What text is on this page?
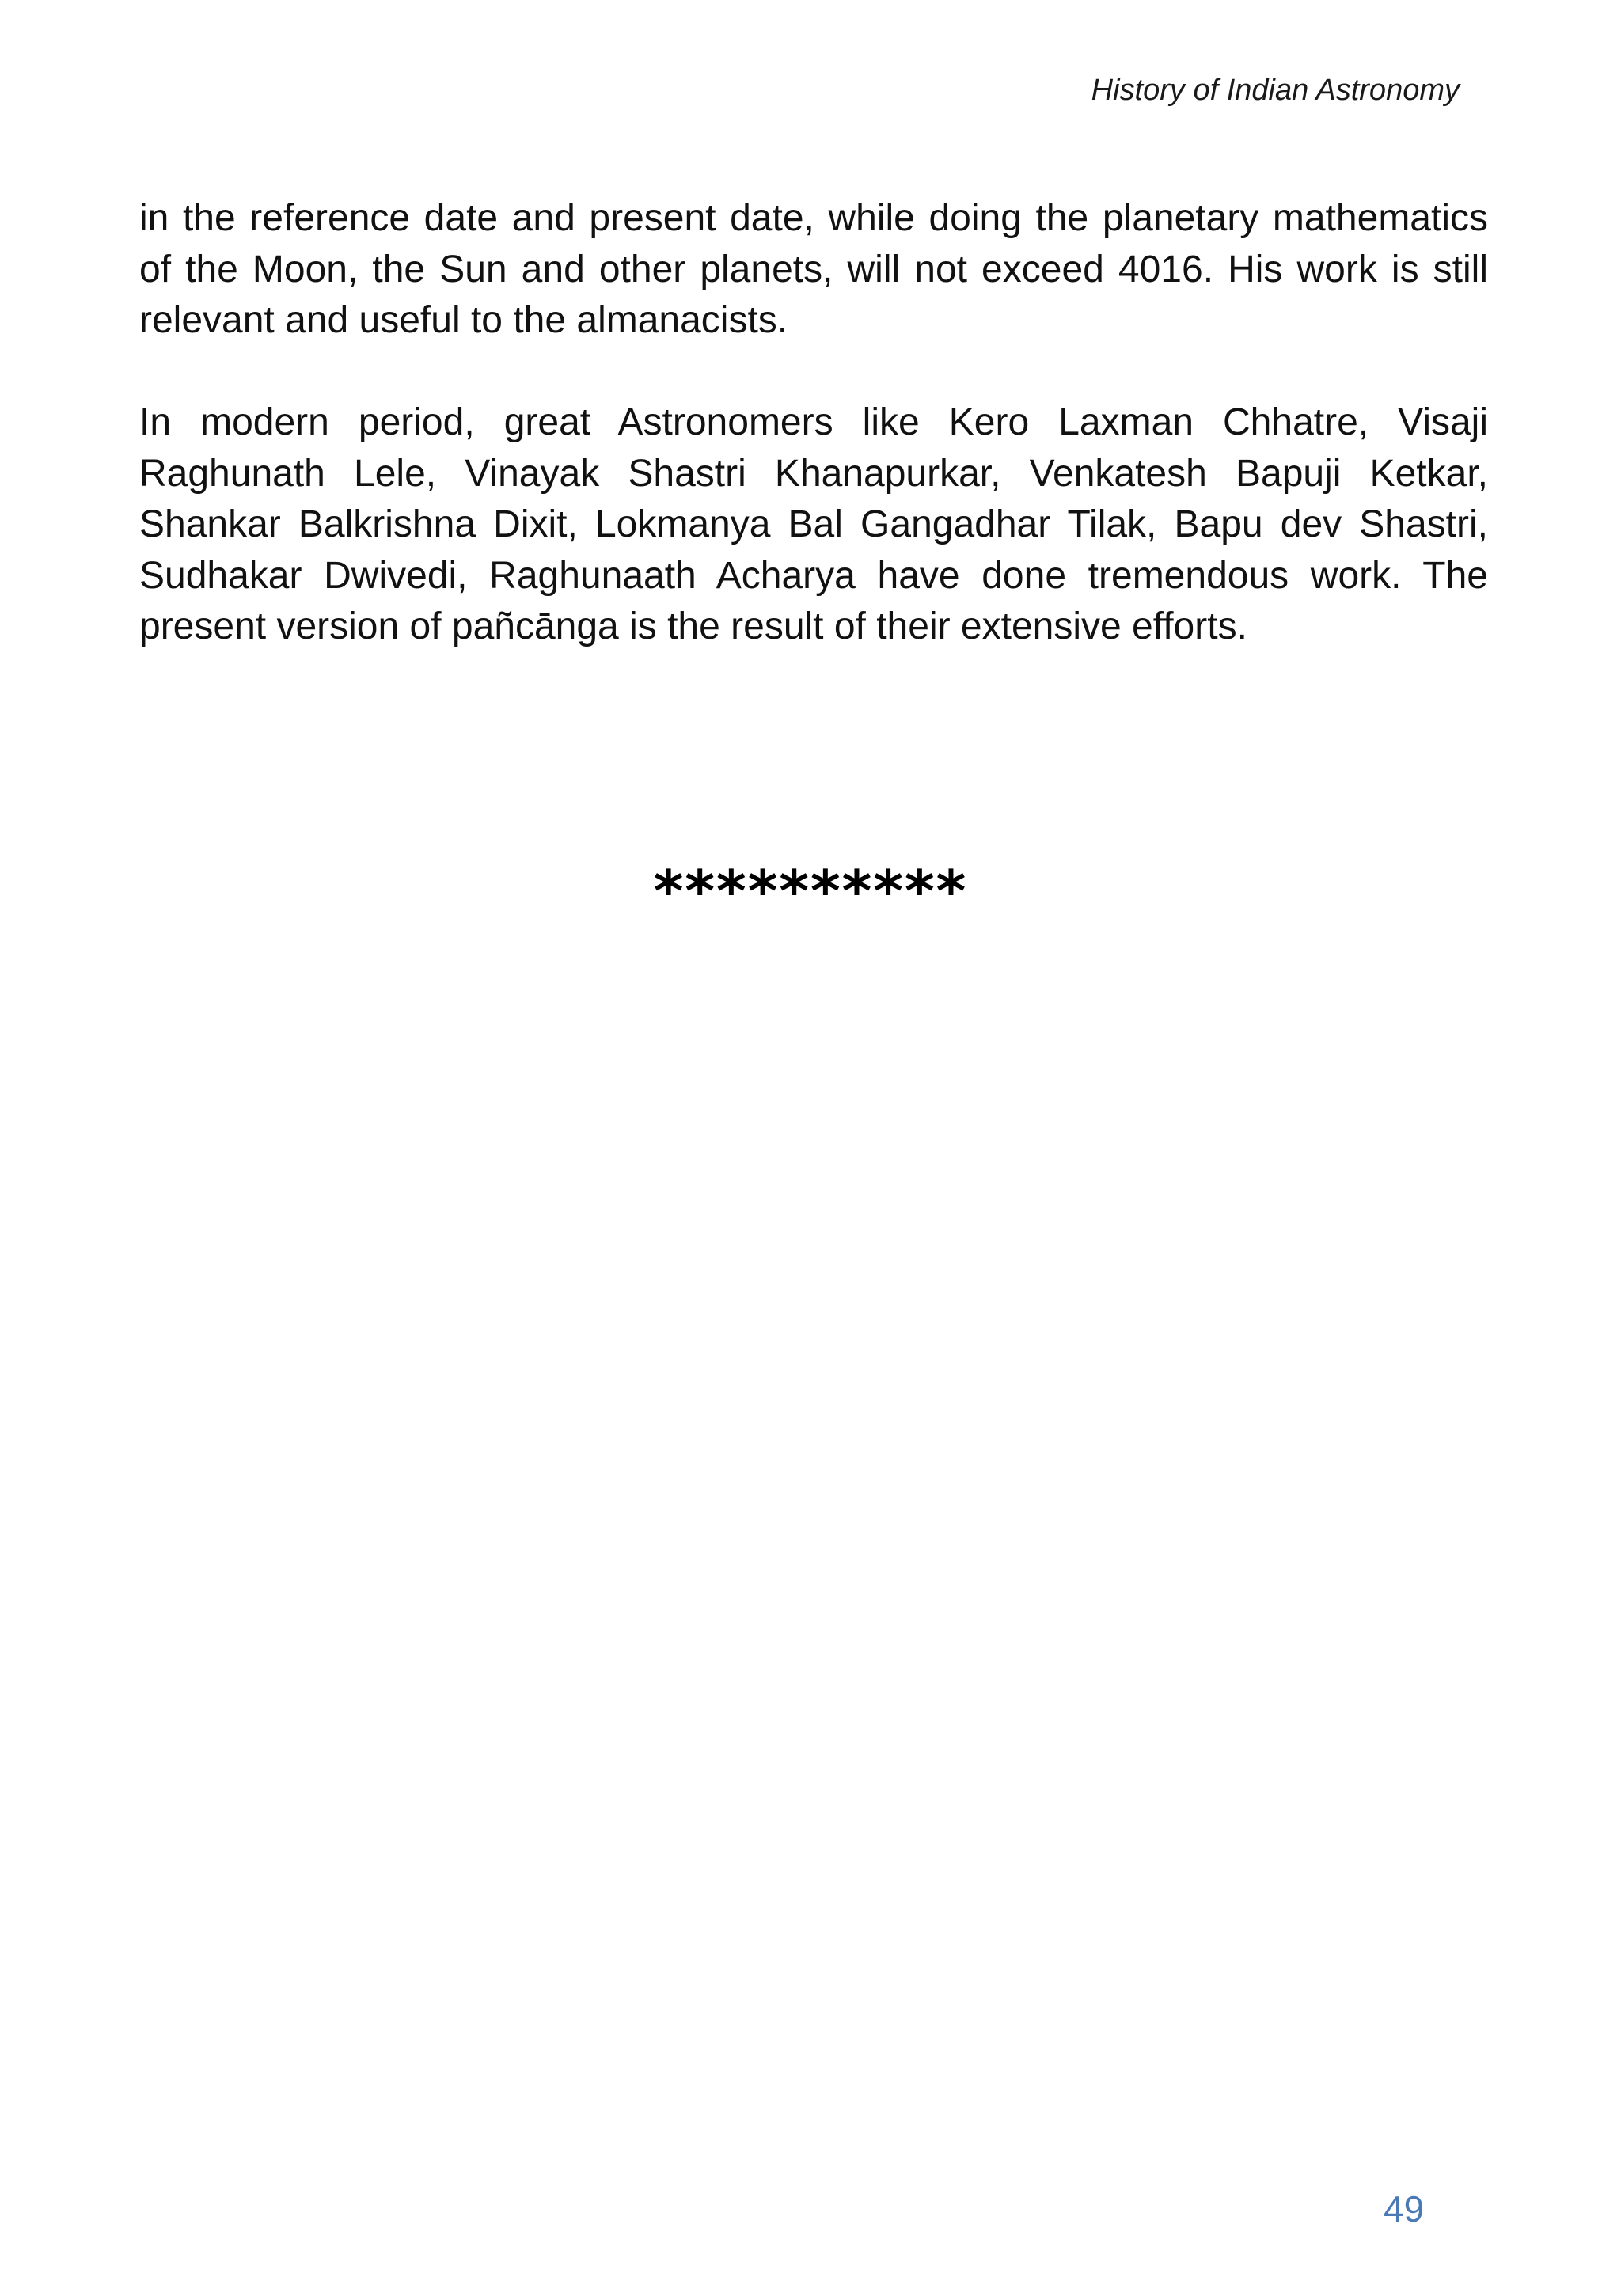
History of Indian Astronomy

in the reference date and present date, while doing the planetary mathematics of the Moon, the Sun and other planets, will not exceed 4016. His work is still relevant and useful to the almanacists.

In modern period, great Astronomers like Kero Laxman Chhatre, Visaji Raghunath Lele, Vinayak Shastri Khanapurkar, Venkatesh Bapuji Ketkar, Shankar Balkrishna Dixit, Lokmanya Bal Gangadhar Tilak, Bapu dev Shastri, Sudhakar Dwivedi, Raghunaath Acharya have done tremendous work. The present version of pañcānga is the result of their extensive efforts.

**********
49
